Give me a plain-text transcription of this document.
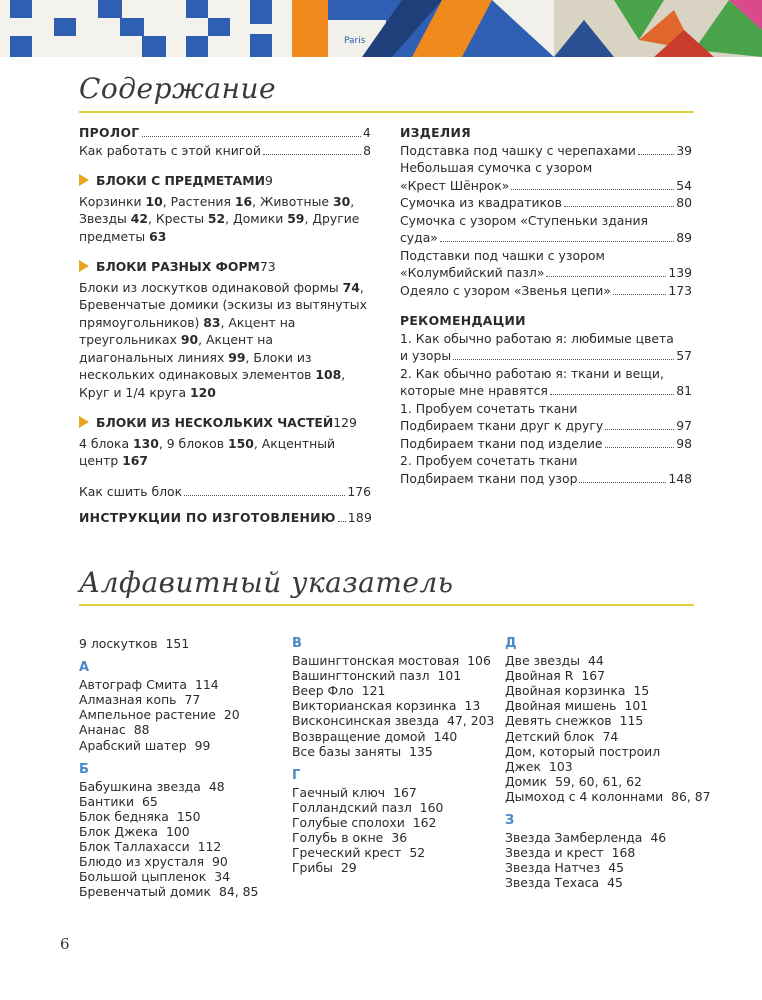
Paris
Содержание
ПРОЛОГ	4
Как работать с этой книгой	8
БЛОКИ С ПРЕДМЕТАМИ 9
Корзинки 10, Растения 16, Животные 30, Звезды 42, Кресты 52, Домики 59, Другие предметы 63
БЛОКИ РАЗНЫХ ФОРМ 73
Блоки из лоскутков одинаковой формы 74, Бревенчатые домики (эскизы из вытянутых прямоугольников) 83, Акцент на треугольниках 90, Акцент на диагональных линиях 99, Блоки из нескольких одинаковых элементов 108, Круг и 1/4 круга 120
БЛОКИ ИЗ НЕСКОЛЬКИХ ЧАСТЕЙ 129
4 блока 130, 9 блоков 150, Акцентный центр 167
Как сшить блок	176
ИНСТРУКЦИИ ПО ИЗГОТОВЛЕНИЮ 189
ИЗДЕЛИЯ
Подставка под чашку с черепахами	39
Небольшая сумочка с узором
«Крест Шёнрок»	54
Сумочка из квадратиков	80
Сумочка с узором «Ступеньки здания
суда»	89
Подставки под чашки с узором
«Колумбийский пазл»	139
Одеяло с узором «Звенья цепи»	173
РЕКОМЕНДАЦИИ
1. Как обычно работаю я: любимые цвета
и узоры	57
2. Как обычно работаю я: ткани и вещи,
которые мне нравятся	81
1. Пробуем сочетать ткани
Подбираем ткани друг к другу	97
Подбираем ткани под изделие	98
2. Пробуем сочетать ткани
Подбираем ткани под узор	148
Алфавитный указатель
9 лоскутков 151
А
Автограф Смита 114
Алмазная копь 77
Ампельное растение 20
Ананас 88
Арабский шатер 99
Б
Бабушкина звезда 48
Бантики 65
Блок бедняка 150
Блок Джека 100
Блок Таллахасси 112
Блюдо из хрусталя 90
Большой цыпленок 34
Бревенчатый домик 84, 85
В
Вашингтонская мостовая 106
Вашингтонский пазл 101
Веер Фло 121
Викторианская корзинка 13
Висконсинская звезда 47, 203
Возвращение домой 140
Все базы заняты 135
Г
Гаечный ключ 167
Голландский пазл 160
Голубые сполохи 162
Голубь в окне 36
Греческий крест 52
Грибы 29
Д
Две звезды 44
Двойная R 167
Двойная корзинка 15
Двойная мишень 101
Девять снежков 115
Детский блок 74
Дом, который построил
Джек 103
Домик 59, 60, 61, 62
Дымоход с 4 колоннами 86, 87
З
Звезда Замберленда 46
Звезда и крест 168
Звезда Натчез 45
Звезда Техаса 45
6
